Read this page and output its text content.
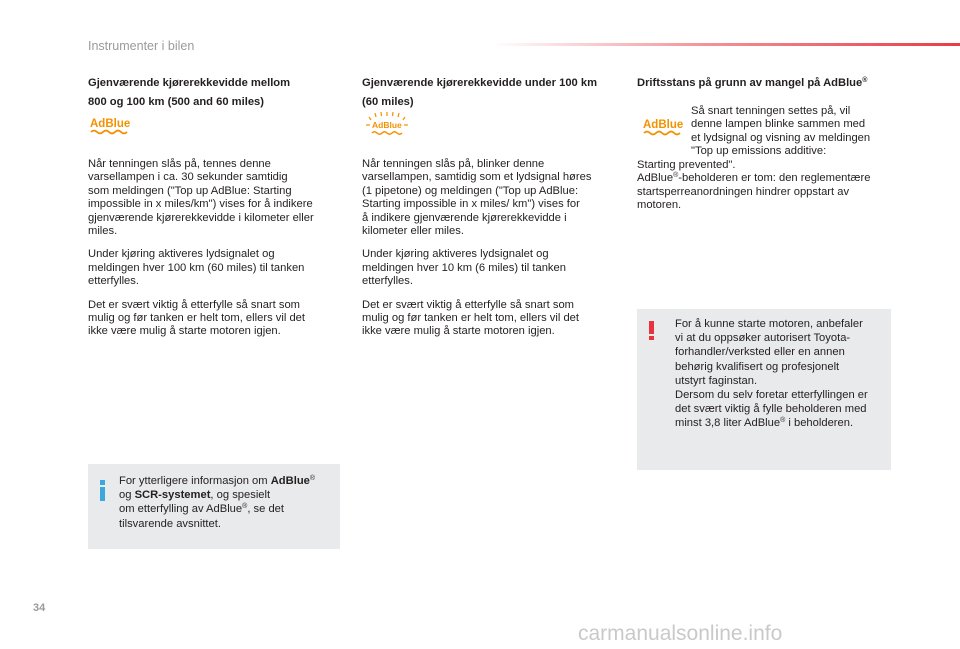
Instrumenter i bilen
Gjenværende kjørerekkevidde mellom
800 og 100 km (500 and 60 miles)
AdBlue
Når tenningen slås på, tennes denne
varsellampen i ca. 30 sekunder samtidig
som meldingen ("Top up AdBlue: Starting
impossible in x miles/km") vises for å indikere
gjenværende kjørerekkevidde i kilometer eller
miles.
Under kjøring aktiveres lydsignalet og
meldingen hver 100 km (60 miles) til tanken
etterfylles.
Det er svært viktig å etterfylle så snart som
mulig og før tanken er helt tom, ellers vil det
ikke være mulig å starte motoren igjen.
Gjenværende kjørerekkevidde under 100 km
(60 miles)
AdBlue
Når tenningen slås på, blinker denne
varsellampen, samtidig som et lydsignal høres
(1 pipetone) og meldingen ("Top up AdBlue:
Starting impossible in x miles/ km") vises for
å indikere gjenværende kjørerekkevidde i
kilometer eller miles.
Under kjøring aktiveres lydsignalet og
meldingen hver 10 km (6 miles) til tanken
etterfylles.
Det er svært viktig å etterfylle så snart som
mulig og før tanken er helt tom, ellers vil det
ikke være mulig å starte motoren igjen.
Driftsstans på grunn av mangel på AdBlue®
AdBlue
Så snart tenningen settes på, vil
denne lampen blinke sammen med
et lydsignal og visning av meldingen
"Top up emissions additive:
Starting prevented".
AdBlue®-beholderen er tom: den reglementære
startsperreanordningen hindrer oppstart av
motoren.
For ytterligere informasjon om AdBlue®
og SCR-systemet, og spesielt
om etterfylling av AdBlue®, se det
tilsvarende avsnittet.
For å kunne starte motoren, anbefaler
vi at du oppsøker autorisert Toyota-
forhandler/verksted eller en annen
behørig kvalifisert og profesjonelt
utstyrt faginstan.
Dersom du selv foretar etterfyllingen er
det svært viktig å fylle beholderen med
minst 3,8 liter AdBlue® i beholderen.
34
carmanualsonline.info
